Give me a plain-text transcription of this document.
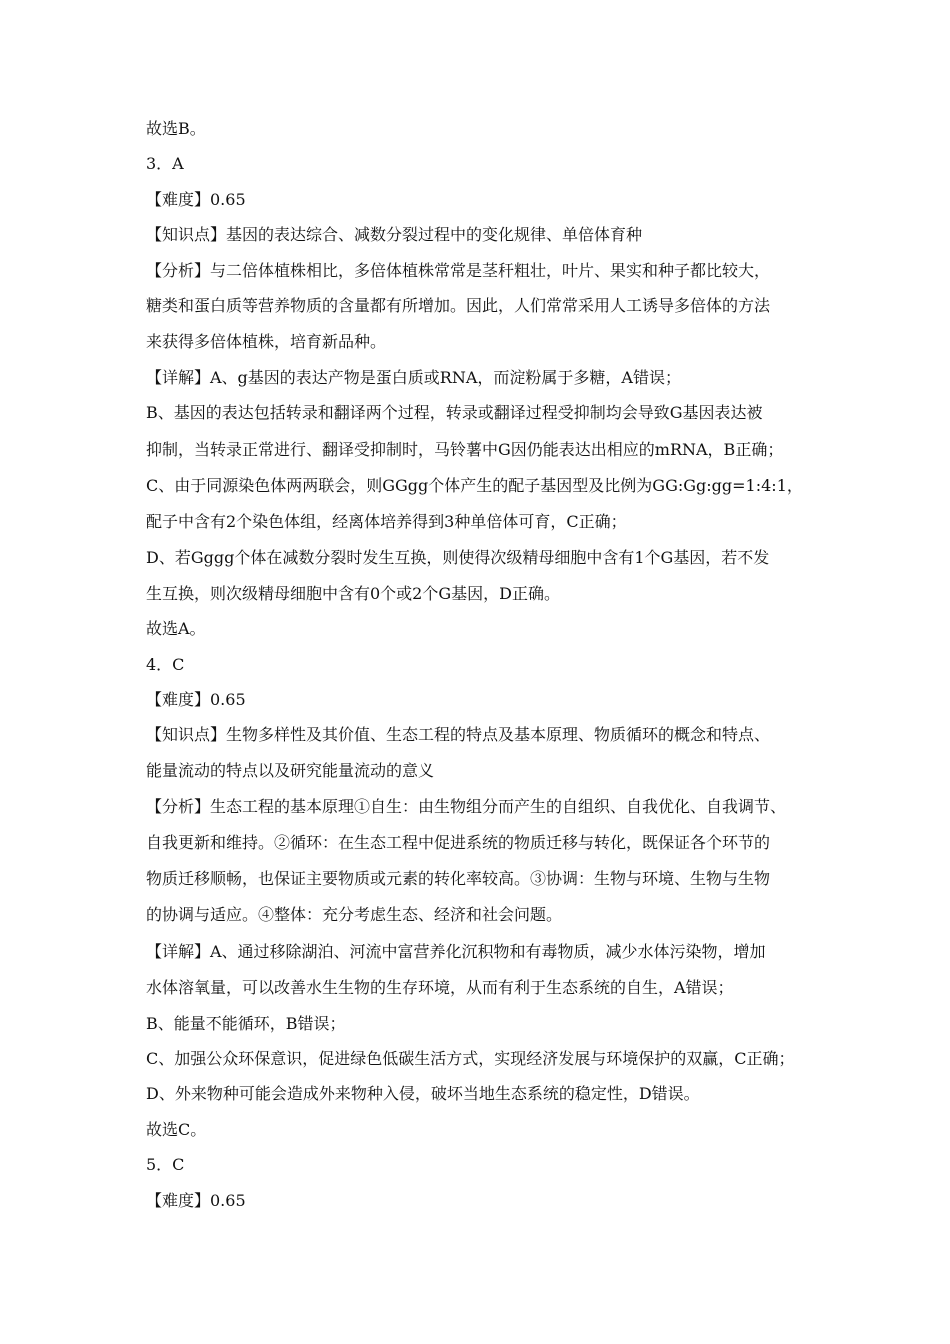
故选B。
3．A
【难度】0.65
【知识点】基因的表达综合、减数分裂过程中的变化规律、单倍体育种
【分析】与二倍体植株相比，多倍体植株常常是茎秆粗壮，叶片、果实和种子都比较大，
糖类和蛋白质等营养物质的含量都有所增加。因此，人们常常采用人工诱导多倍体的方法
来获得多倍体植株，培育新品种。
【详解】A、g基因的表达产物是蛋白质或RNA，而淀粉属于多糖，A错误；
B、基因的表达包括转录和翻译两个过程，转录或翻译过程受抑制均会导致G基因表达被
抑制，当转录正常进行、翻译受抑制时，马铃薯中G因仍能表达出相应的mRNA，B正确；
C、由于同源染色体两两联会，则GGgg个体产生的配子基因型及比例为GG:Gg:gg=1:4:1，
配子中含有2个染色体组，经离体培养得到3种单倍体可育，C正确；
D、若Gggg个体在减数分裂时发生互换，则使得次级精母细胞中含有1个G基因，若不发
生互换，则次级精母细胞中含有0个或2个G基因，D正确。
故选A。
4．C
【难度】0.65
【知识点】生物多样性及其价值、生态工程的特点及基本原理、物质循环的概念和特点、
能量流动的特点以及研究能量流动的意义
【分析】生态工程的基本原理①自生：由生物组分而产生的自组织、自我优化、自我调节、
自我更新和维持。②循环：在生态工程中促进系统的物质迁移与转化，既保证各个环节的
物质迁移顺畅，也保证主要物质或元素的转化率较高。③协调：生物与环境、生物与生物
的协调与适应。④整体：充分考虑生态、经济和社会问题。
【详解】A、通过移除湖泊、河流中富营养化沉积物和有毒物质，减少水体污染物，增加
水体溶氧量，可以改善水生生物的生存环境，从而有利于生态系统的自生，A错误；
B、能量不能循环，B错误；
C、加强公众环保意识，促进绿色低碳生活方式，实现经济发展与环境保护的双赢，C正确；
D、外来物种可能会造成外来物种入侵，破坏当地生态系统的稳定性，D错误。
故选C。
5．C
【难度】0.65
